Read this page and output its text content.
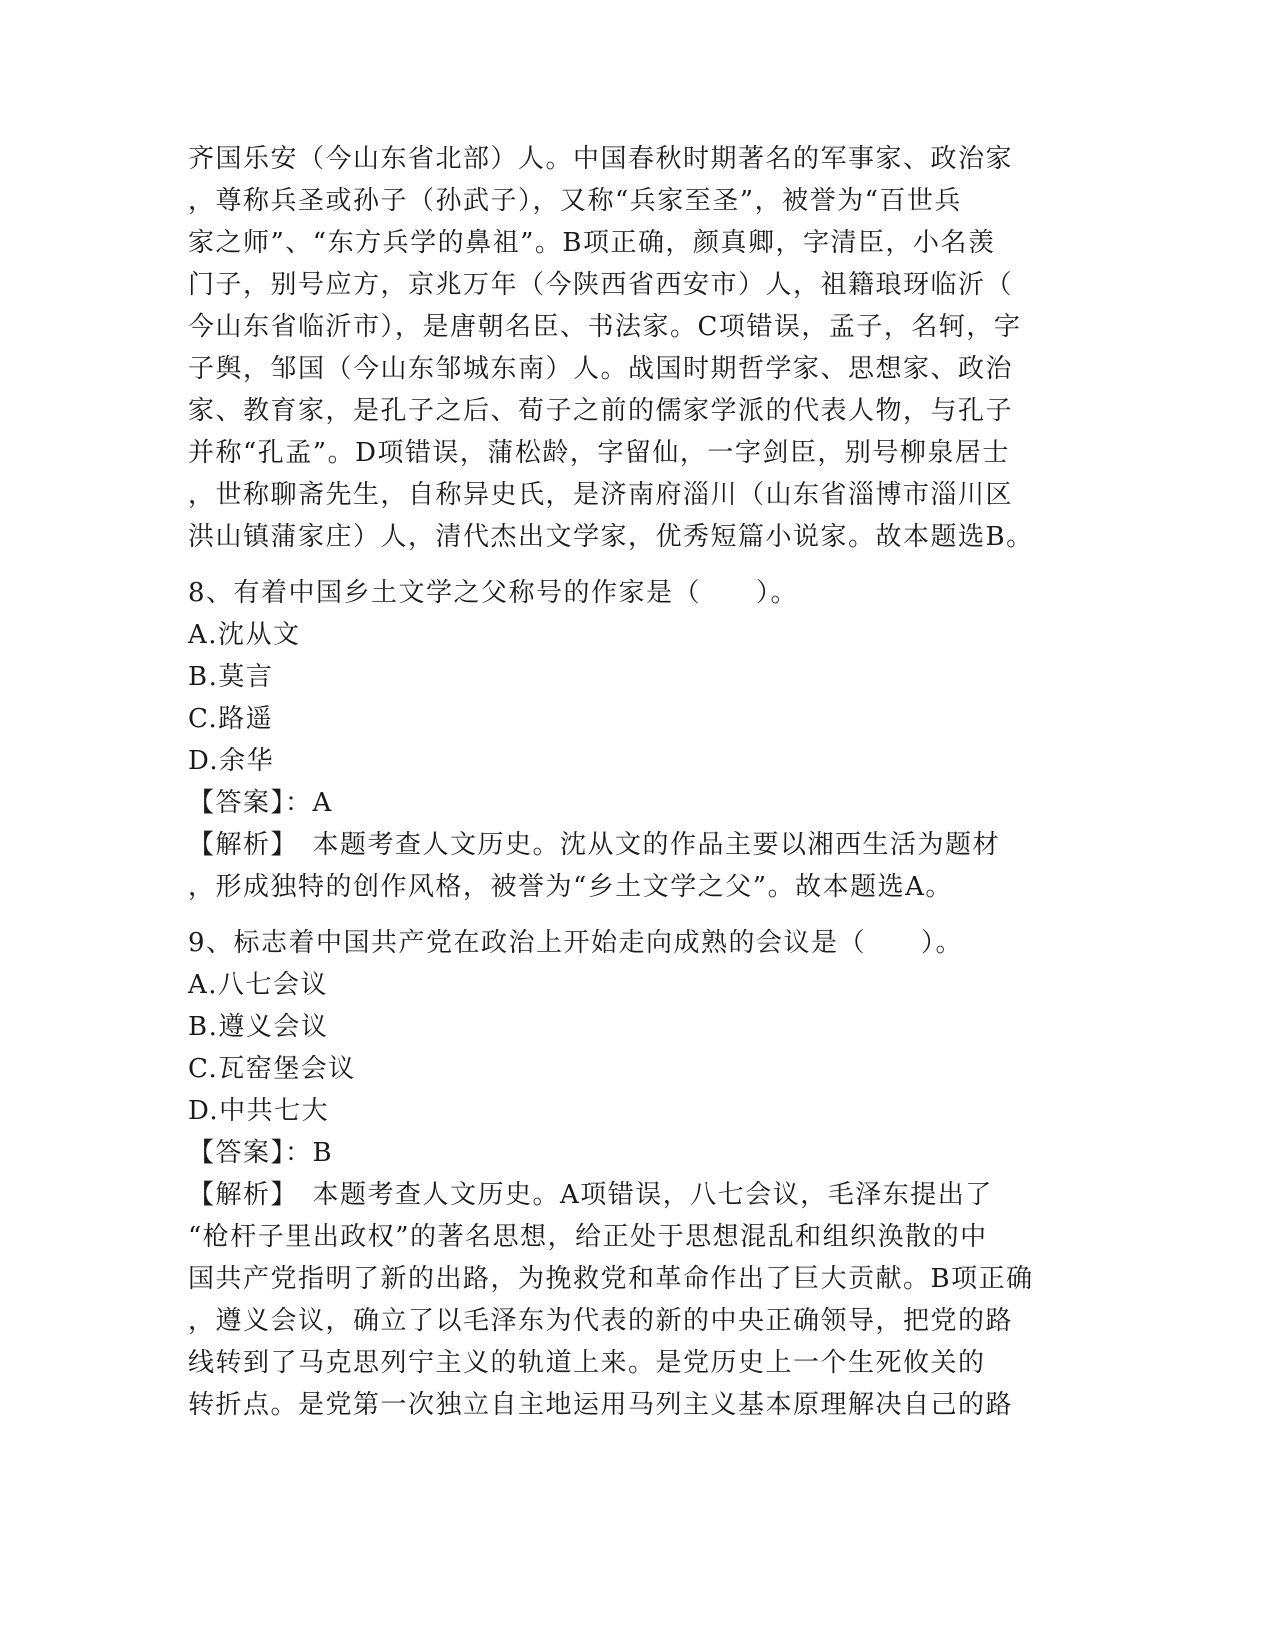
齐国乐安（今山东省北部）人。中国春秋时期著名的军事家、政治家
，尊称兵圣或孙子（孙武子），又称“兵家至圣”，被誉为“百世兵
家之师”、“东方兵学的鼻祖”。B项正确，颜真卿，字清臣，小名羡
门子，别号应方，京兆万年（今陕西省西安市）人，祖籍琅玡临沂（
今山东省临沂市），是唐朝名臣、书法家。C项错误，孟子，名轲，字
子舆，邹国（今山东邹城东南）人。战国时期哲学家、思想家、政治
家、教育家，是孔子之后、荀子之前的儒家学派的代表人物，与孔子
并称“孔孟”。D项错误，蒲松龄，字留仙，一字剑臣，别号柳泉居士
，世称聊斋先生，自称异史氏，是济南府淄川（山东省淄博市淄川区
洪山镇蒲家庄）人，清代杰出文学家，优秀短篇小说家。故本题选B。
8、有着中国乡土文学之父称号的作家是（　　）。
A.沈从文
B.莫言
C.路遥
D.余华
【答案】：A
【解析】　本题考查人文历史。沈从文的作品主要以湘西生活为题材
，形成独特的创作风格，被誉为“乡土文学之父”。故本题选A。
9、标志着中国共产党在政治上开始走向成熟的会议是（　　）。
A.八七会议
B.遵义会议
C.瓦窑堡会议
D.中共七大
【答案】：B
【解析】　本题考查人文历史。A项错误，八七会议，毛泽东提出了
“枪杆子里出政权”的著名思想，给正处于思想混乱和组织涣散的中
国共产党指明了新的出路，为挽救党和革命作出了巨大贡献。B项正确
，遵义会议，确立了以毛泽东为代表的新的中央正确领导，把党的路
线转到了马克思列宁主义的轨道上来。是党历史上一个生死攸关的
转折点。是党第一次独立自主地运用马列主义基本原理解决自己的路
